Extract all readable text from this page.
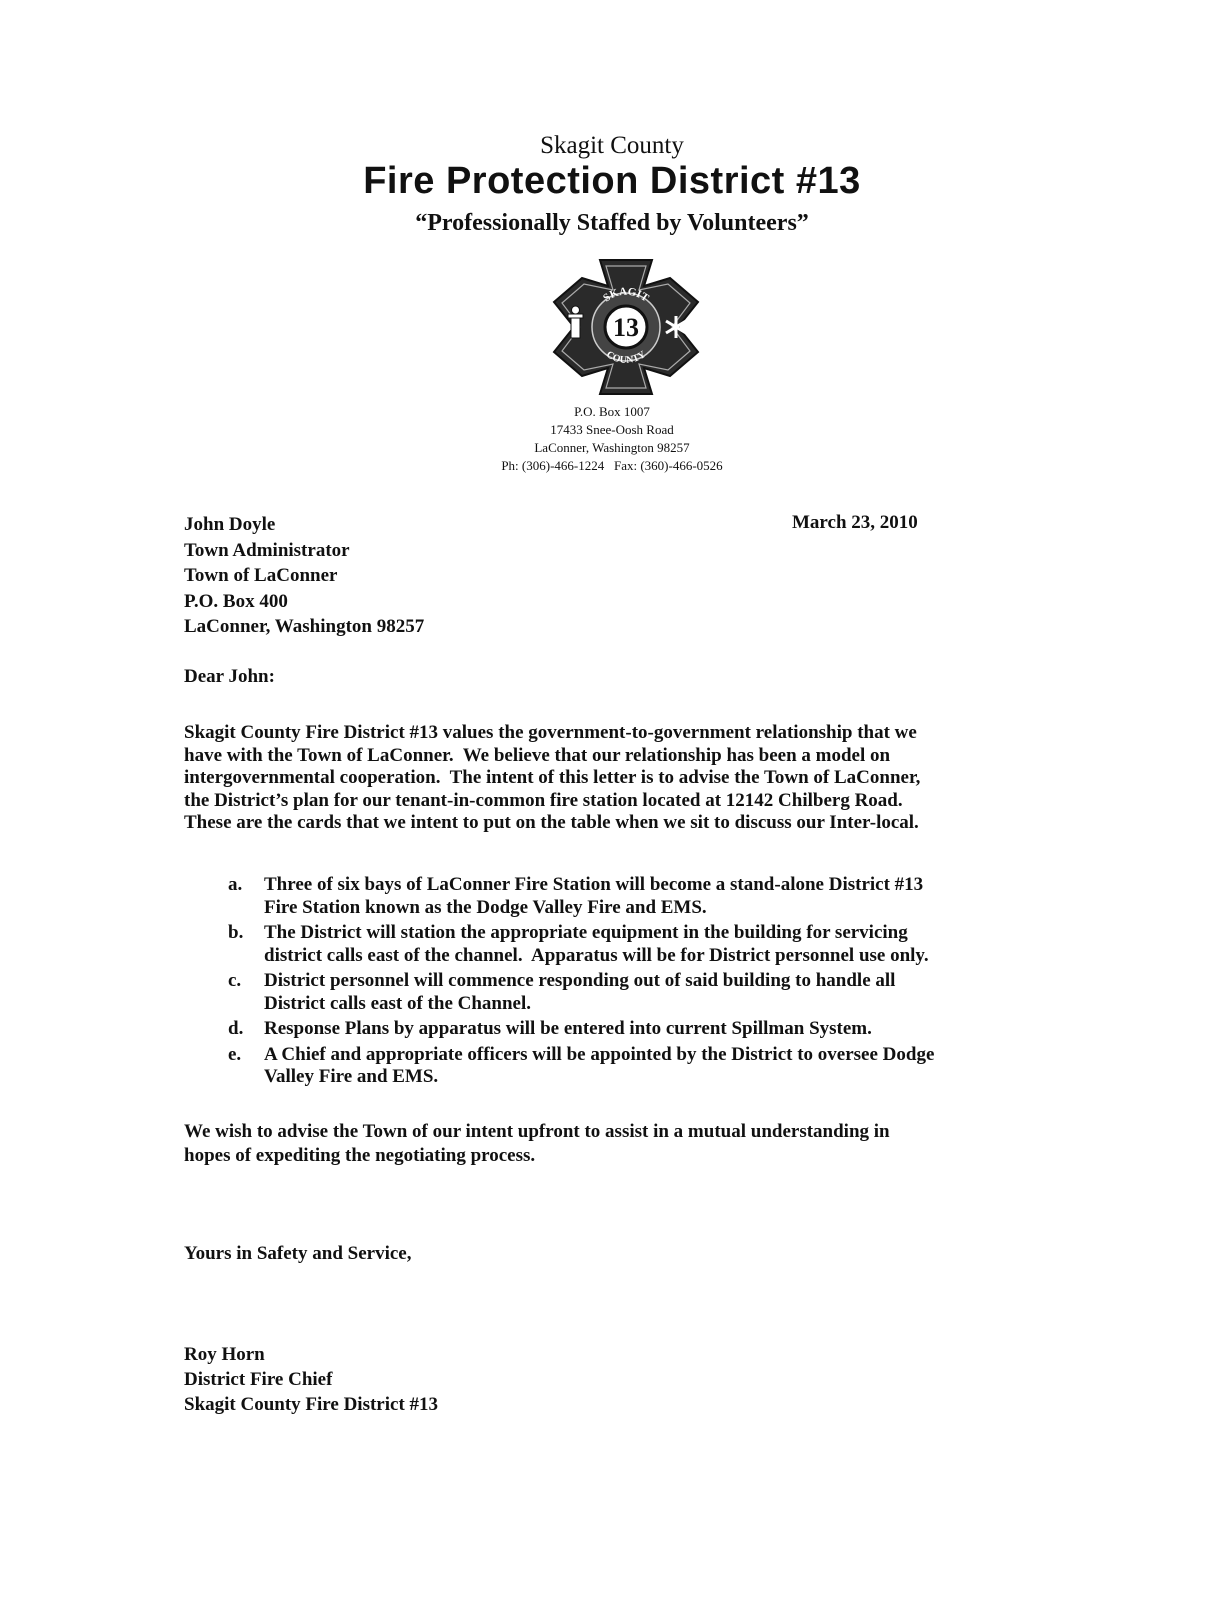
Skagit County
Fire Protection District #13
“Professionally Staffed by Volunteers”
SKAGIT
13
COUNTY
P.O. Box 1007
17433 Snee-Oosh Road
LaConner, Washington 98257
Ph: (306)-466-1224   Fax: (360)-466-0526
John Doyle
Town Administrator
Town of LaConner
P.O. Box 400
LaConner, Washington 98257
March 23, 2010
Dear John:
Skagit County Fire District #13 values the government-to-government relationship that we
have with the Town of LaConner.  We believe that our relationship has been a model on
intergovernmental cooperation.  The intent of this letter is to advise the Town of LaConner,
the District’s plan for our tenant-in-common fire station located at 12142 Chilberg Road.
These are the cards that we intent to put on the table when we sit to discuss our Inter-local.
a. Three of six bays of LaConner Fire Station will become a stand-alone District #13
Fire Station known as the Dodge Valley Fire and EMS.
b. The District will station the appropriate equipment in the building for servicing
district calls east of the channel.  Apparatus will be for District personnel use only.
c. District personnel will commence responding out of said building to handle all
District calls east of the Channel.
d. Response Plans by apparatus will be entered into current Spillman System.
e. A Chief and appropriate officers will be appointed by the District to oversee Dodge
Valley Fire and EMS.
We wish to advise the Town of our intent upfront to assist in a mutual understanding in
hopes of expediting the negotiating process.
Yours in Safety and Service,
Roy Horn
District Fire Chief
Skagit County Fire District #13
